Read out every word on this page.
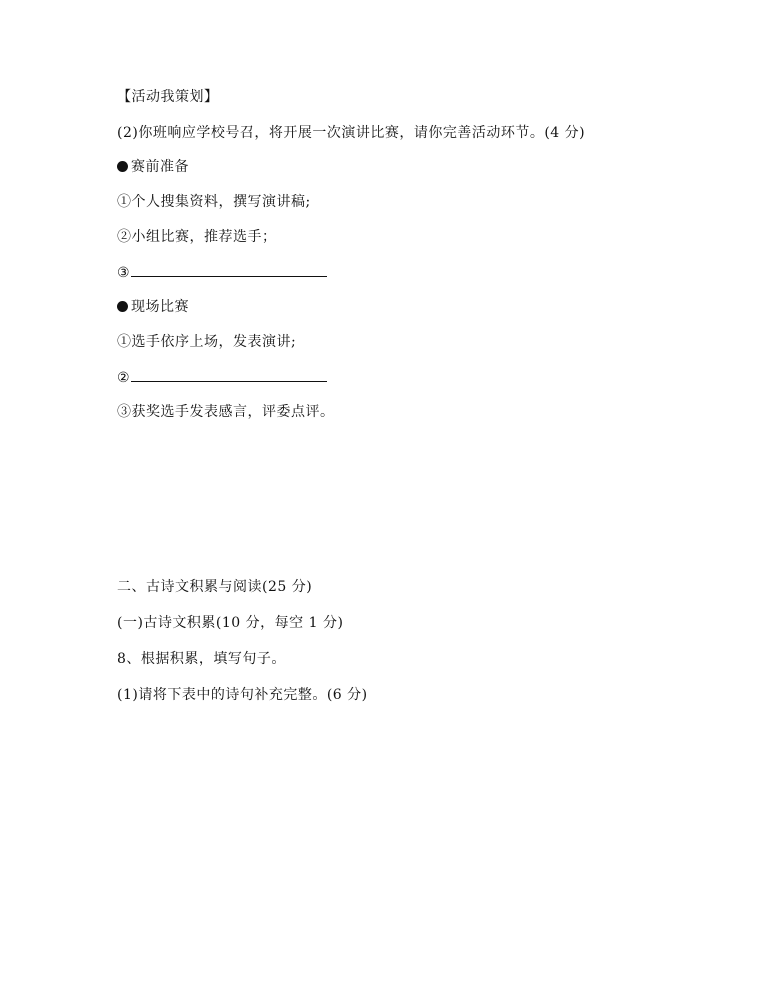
【活动我策划】
(2)你班响应学校号召，将开展一次演讲比赛，请你完善活动环节。(4 分)
赛前准备
①个人搜集资料，撰写演讲稿;
②小组比赛，推荐选手；
③
现场比赛
①选手依序上场，发表演讲;
②
③获奖选手发表感言，评委点评。
二、古诗文积累与阅读(25 分)
(一)古诗文积累(10 分，每空 1 分)
8、根据积累，填写句子。
(1)请将下表中的诗句补充完整。(6 分)
